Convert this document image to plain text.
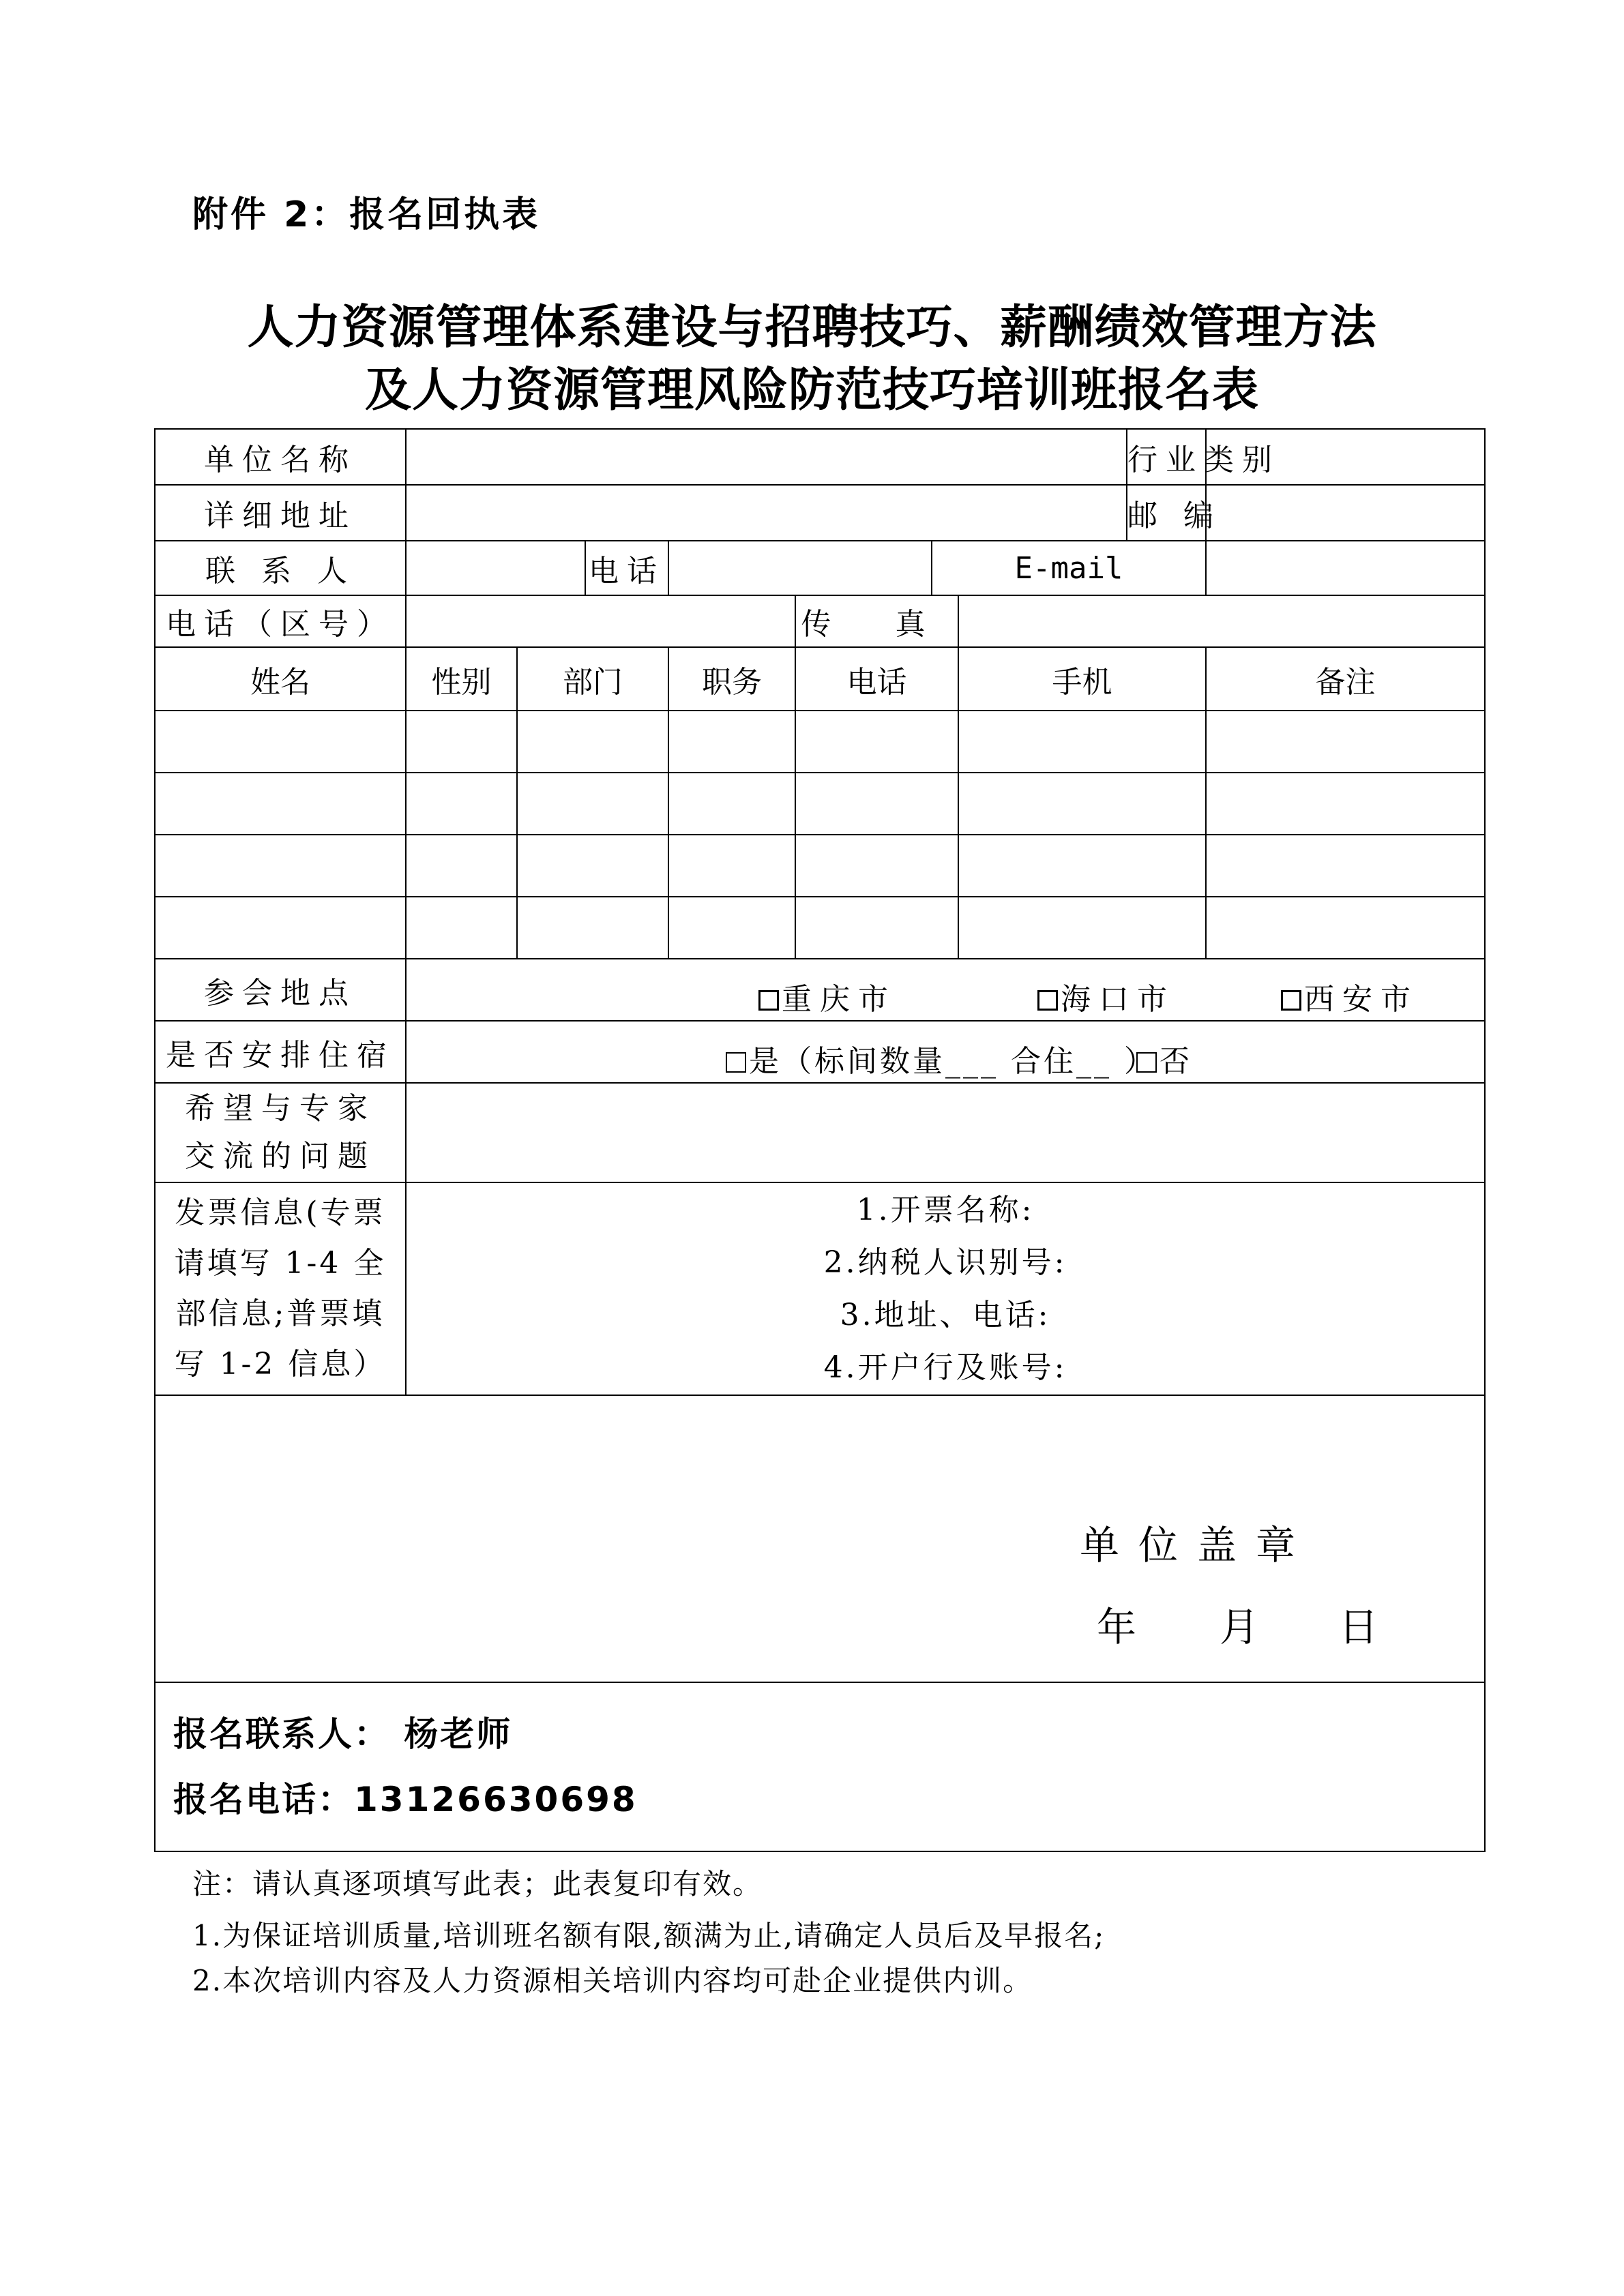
附件 2：报名回执表
人力资源管理体系建设与招聘技巧、薪酬绩效管理方法
及人力资源管理风险防范技巧培训班报名表
单位名称								行业类别	
详细地址								邮 编	
联 系 人			电话			E-mail			
电话（区号）					传 真				
姓名	性别	部门		职务	电话		手机		备注

参会地点	重庆市 海口市 西安市								

是否安排住宿	是（标间数量___ 合住__ ） 否								

希望与专家交流的问题									
发票信息(专票请填写 1-4 全部信息;普票填写 1-2 信息）	1.开票名称:
2.纳税人识别号:
3.地址、电话:
4.开户行及账号:								

单位盖章
年 月 日									

报名联系人： 杨老师
报名电话：13126630698									
注：请认真逐项填写此表；此表复印有效。
1.为保证培训质量,培训班名额有限,额满为止,请确定人员后及早报名;
2.本次培训内容及人力资源相关培训内容均可赴企业提供内训。
